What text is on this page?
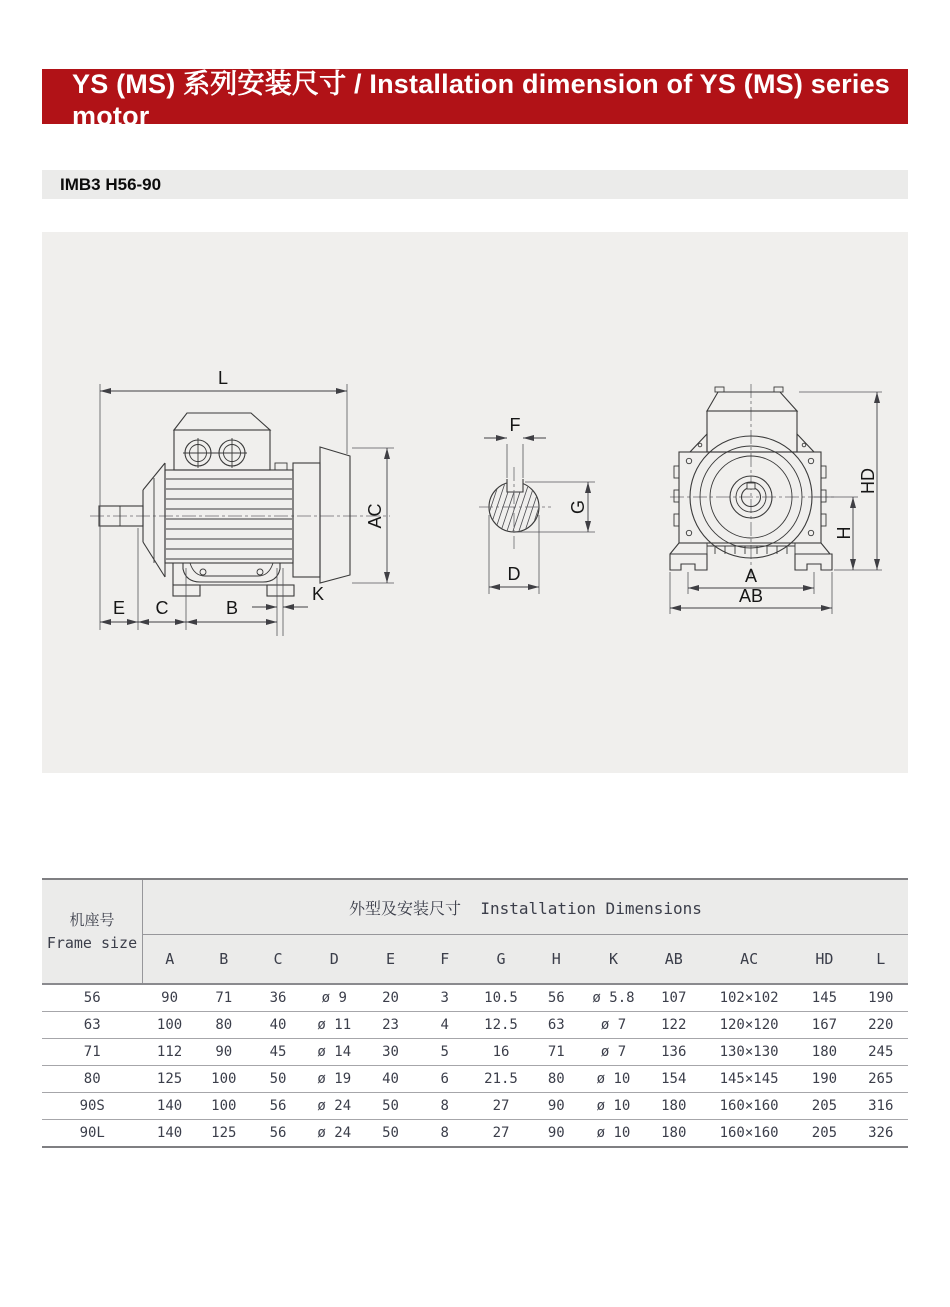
YS (MS) 系列安装尺寸 / Installation dimension of YS (MS) series motor
IMB3 H56-90
L
AC
E C	B
K
F
G
D
HD
H
A
AB
机座号
Frame size	外型及安装尺寸 Installation Dimensions												
	A	B	C	D	E	F	G	H	K	AB	AC	HD	L
56	90	71	36	ø 9	20	3	10.5	56	ø 5.8	107	102×102	145	190
63	100	80	40	ø 11	23	4	12.5	63	ø 7	122	120×120	167	220
71	112	90	45	ø 14	30	5	16	71	ø 7	136	130×130	180	245
80	125	100	50	ø 19	40	6	21.5	80	ø 10	154	145×145	190	265
90S	140	100	56	ø 24	50	8	27	90	ø 10	180	160×160	205	316
90L	140	125	56	ø 24	50	8	27	90	ø 10	180	160×160	205	326
